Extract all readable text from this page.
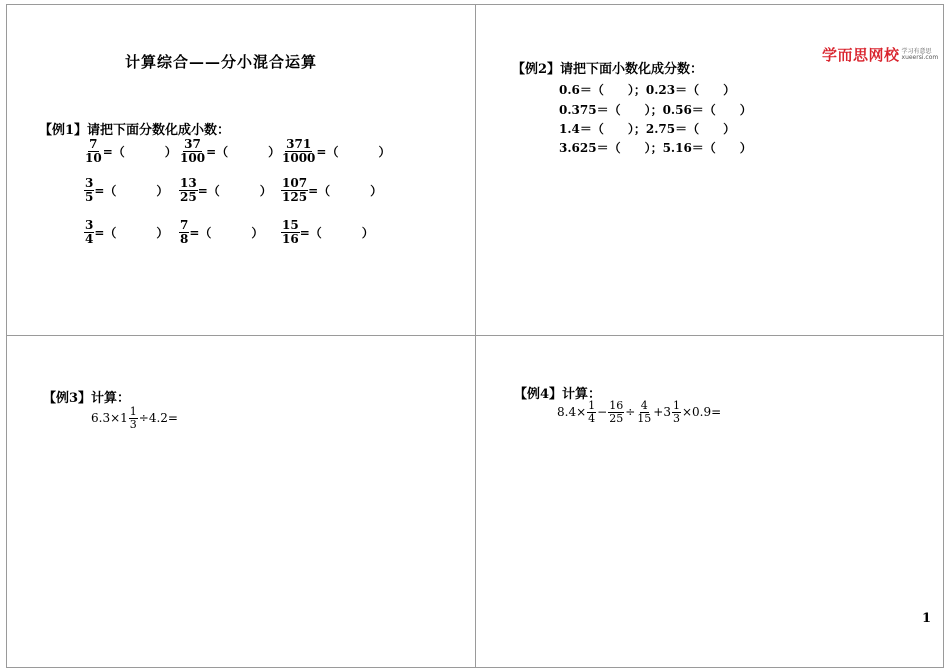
计算综合——分小混合运算
【例1】请把下面分数化成小数：
$\frac{7}{10}$ =（	） $\frac{37}{100}$ =（	） $\frac{371}{1000}$ =（	）
$\frac{3}{5}$ =（	） $\frac{13}{25}$ =（	） $\frac{107}{125}$ =（	）
$\frac{3}{4}$ =（	） $\frac{7}{8}$ =（	） $\frac{15}{16}$ =（	）
学而思网校 学习有意思
xueersi.com
【例2】请把下面小数化成分数：
0.6＝（　　）；0.23＝（　　）
0.375＝（　　）；0.56＝（　　）
1.4＝（　　）；2.75＝（　　）
3.625＝（　　）；5.16＝（　　）
【例3】计算：
$6.3\times 1 \frac{1}{3} \div 4.2=$
【例4】计算：
$8.4\times \frac{1}{4} - \frac{16}{25} \div \frac{4}{15} +3 \frac{1}{3} \times 0.9=$
1
